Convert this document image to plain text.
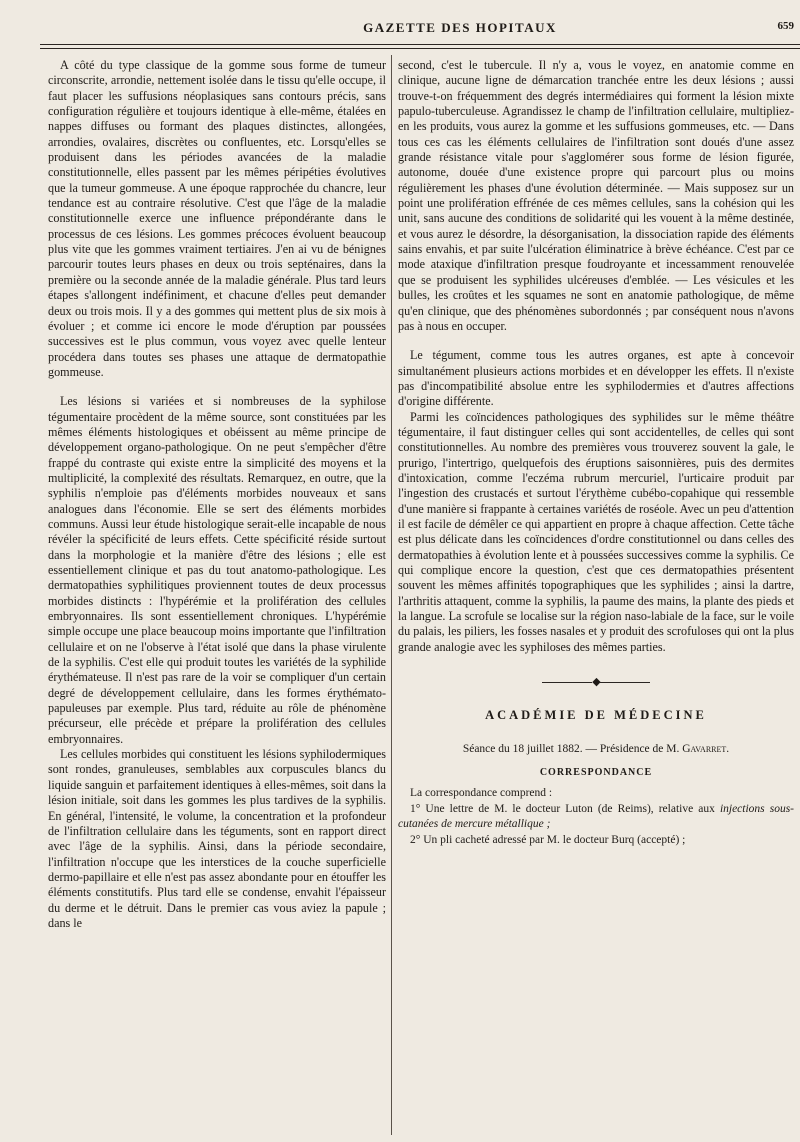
GAZETTE DES HOPITAUX	659

A côté du type classique de la gomme sous forme de tumeur circonscrite, arrondie, nettement isolée dans le tissu qu'elle occupe, il faut placer les suffusions néoplasiques sans contours précis, sans configuration régulière et toujours identique à elle-même, étalées en nappes diffuses ou formant des plaques distinctes, allongées, arrondies, ovalaires, discrètes ou confluentes, etc. Lorsqu'elles se produisent dans les périodes avancées de la maladie constitutionnelle, elles passent par les mêmes péripéties évolutives que la tumeur gommeuse. A une époque rapprochée du chancre, leur tendance est au contraire résolutive. C'est que l'âge de la maladie constitutionnelle exerce une influence prépondérante dans le processus de ces lésions. Les gommes précoces évoluent beaucoup plus vite que les gommes vraiment tertiaires. J'en ai vu de bénignes parcourir toutes leurs phases en deux ou trois septénaires, dans la première ou la seconde année de la maladie générale. Plus tard leurs étapes s'allongent indéfiniment, et chacune d'elles peut demander deux ou trois mois. Il y a des gommes qui mettent plus de six mois à évoluer ; et comme ici encore le mode d'éruption par poussées successives est le plus commun, vous voyez avec quelle lenteur procédera dans toutes ses phases une attaque de dermatopathie gommeuse.

Les lésions si variées et si nombreuses de la syphilose tégumentaire procèdent de la même source, sont constituées par les mêmes éléments histologiques et obéissent au même principe de développement organo-pathologique. On ne peut s'empêcher d'être frappé du contraste qui existe entre la simplicité des moyens et la multiplicité, la complexité des résultats. Remarquez, en outre, que la syphilis n'emploie pas d'éléments morbides nouveaux et sans analogues dans l'économie. Elle se sert des éléments morbides communs. Aussi leur étude histologique serait-elle incapable de nous révéler la spécificité de leurs effets. Cette spécificité réside surtout dans la morphologie et la manière d'être des lésions ; elle est essentiellement clinique et pas du tout anatomo-pathologique. Les dermatopathies syphilitiques proviennent toutes de deux processus morbides distincts : l'hypérémie et la prolifération des cellules embryonnaires. Ils sont essentiellement chroniques. L'hypérémie simple occupe une place beaucoup moins importante que l'infiltration cellulaire et on ne l'observe à l'état isolé que dans la phase virulente de la syphilis. C'est elle qui produit toutes les variétés de la syphilide érythémateuse. Il n'est pas rare de la voir se compliquer d'un certain degré de développement cellulaire, dans les formes érythémato-papuleuses par exemple. Plus tard, réduite au rôle de phénomène précurseur, elle précède et prépare la prolifération des cellules embryonnaires.

Les cellules morbides qui constituent les lésions syphilodermiques sont rondes, granuleuses, semblables aux corpuscules blancs du liquide sanguin et parfaitement identiques à elles-mêmes, soit dans la lésion initiale, soit dans les gommes les plus tardives de la syphilis. En général, l'intensité, le volume, la concentration et la profondeur de l'infiltration cellulaire dans les téguments, sont en rapport direct avec l'âge de la syphilis. Ainsi, dans la période secondaire, l'infiltration n'occupe que les interstices de la couche superficielle dermo-papillaire et elle n'est pas assez abondante pour en étouffer les éléments constitutifs. Plus tard elle se condense, envahit l'épaisseur du derme et le détruit. Dans le premier cas vous aviez la papule ; dans le

second, c'est le tubercule. Il n'y a, vous le voyez, en anatomie comme en clinique, aucune ligne de démarcation tranchée entre les deux lésions ; aussi trouve-t-on fréquemment des degrés intermédiaires qui forment la lésion mixte papulo-tuberculeuse. Agrandissez le champ de l'infiltration cellulaire, multipliez-en les produits, vous aurez la gomme et les suffusions gommeuses, etc. — Dans tous ces cas les éléments cellulaires de l'infiltration sont doués d'une assez grande résistance vitale pour s'agglomérer sous forme de lésion figurée, autonome, douée d'une existence propre qui parcourt plus ou moins régulièrement les phases d'une évolution déterminée. — Mais supposez sur un point une prolifération effrénée de ces mêmes cellules, sans la cohésion qui les unit, sans aucune des conditions de solidarité qui les vouent à la même destinée, et vous aurez le désordre, la désorganisation, la dissociation rapide des éléments sains envahis, et par suite l'ulcération éliminatrice à brève échéance. C'est par ce mode ataxique d'infiltration presque foudroyante et incessamment renouvelée que se produisent les syphilides ulcéreuses d'emblée. — Les vésicules et les bulles, les croûtes et les squames ne sont en anatomie pathologique, de même qu'en clinique, que des phénomènes subordonnés ; par conséquent nous n'avons pas à nous en occuper.

Le tégument, comme tous les autres organes, est apte à concevoir simultanément plusieurs actions morbides et en développer les effets. Il n'existe pas d'incompatibilité absolue entre les syphilodermies et d'autres affections d'origine différente.

Parmi les coïncidences pathologiques des syphilides sur le même théâtre tégumentaire, il faut distinguer celles qui sont accidentelles, de celles qui sont constitutionnelles. Au nombre des premières vous trouverez souvent la gale, le prurigo, l'intertrigo, quelquefois des éruptions saisonnières, puis des dermites d'intoxication, comme l'eczéma rubrum mercuriel, l'urticaire produit par l'ingestion des crustacés et surtout l'érythème cubébo-copahique qui ressemble d'une manière si frappante à certaines variétés de roséole. Avec un peu d'attention il est facile de démêler ce qui appartient en propre à chaque affection. Cette tâche est plus délicate dans les coïncidences d'ordre constitutionnel ou dans celles des dermatopathies à évolution lente et à poussées successives comme la syphilis. Ce qui complique encore la question, c'est que ces dermatopathies présentent souvent les mêmes affinités topographiques que les syphilides ; ainsi la dartre, l'arthritis attaquent, comme la syphilis, la paume des mains, la plante des pieds et la langue. La scrofule se localise sur la région naso-labiale de la face, sur le voile du palais, les piliers, les fosses nasales et y produit des scrofuloses qui ont la plus grande analogie avec les syphiloses des mêmes parties.

◆
ACADÉMIE DE MÉDECINE
Séance du 18 juillet 1882. — Présidence de M. Gavarret.
CORRESPONDANCE

La correspondance comprend :

1° Une lettre de M. le docteur Luton (de Reims), relative aux injections sous-cutanées de mercure métallique ;

2° Un pli cacheté adressé par M. le docteur Burq (accepté) ;
